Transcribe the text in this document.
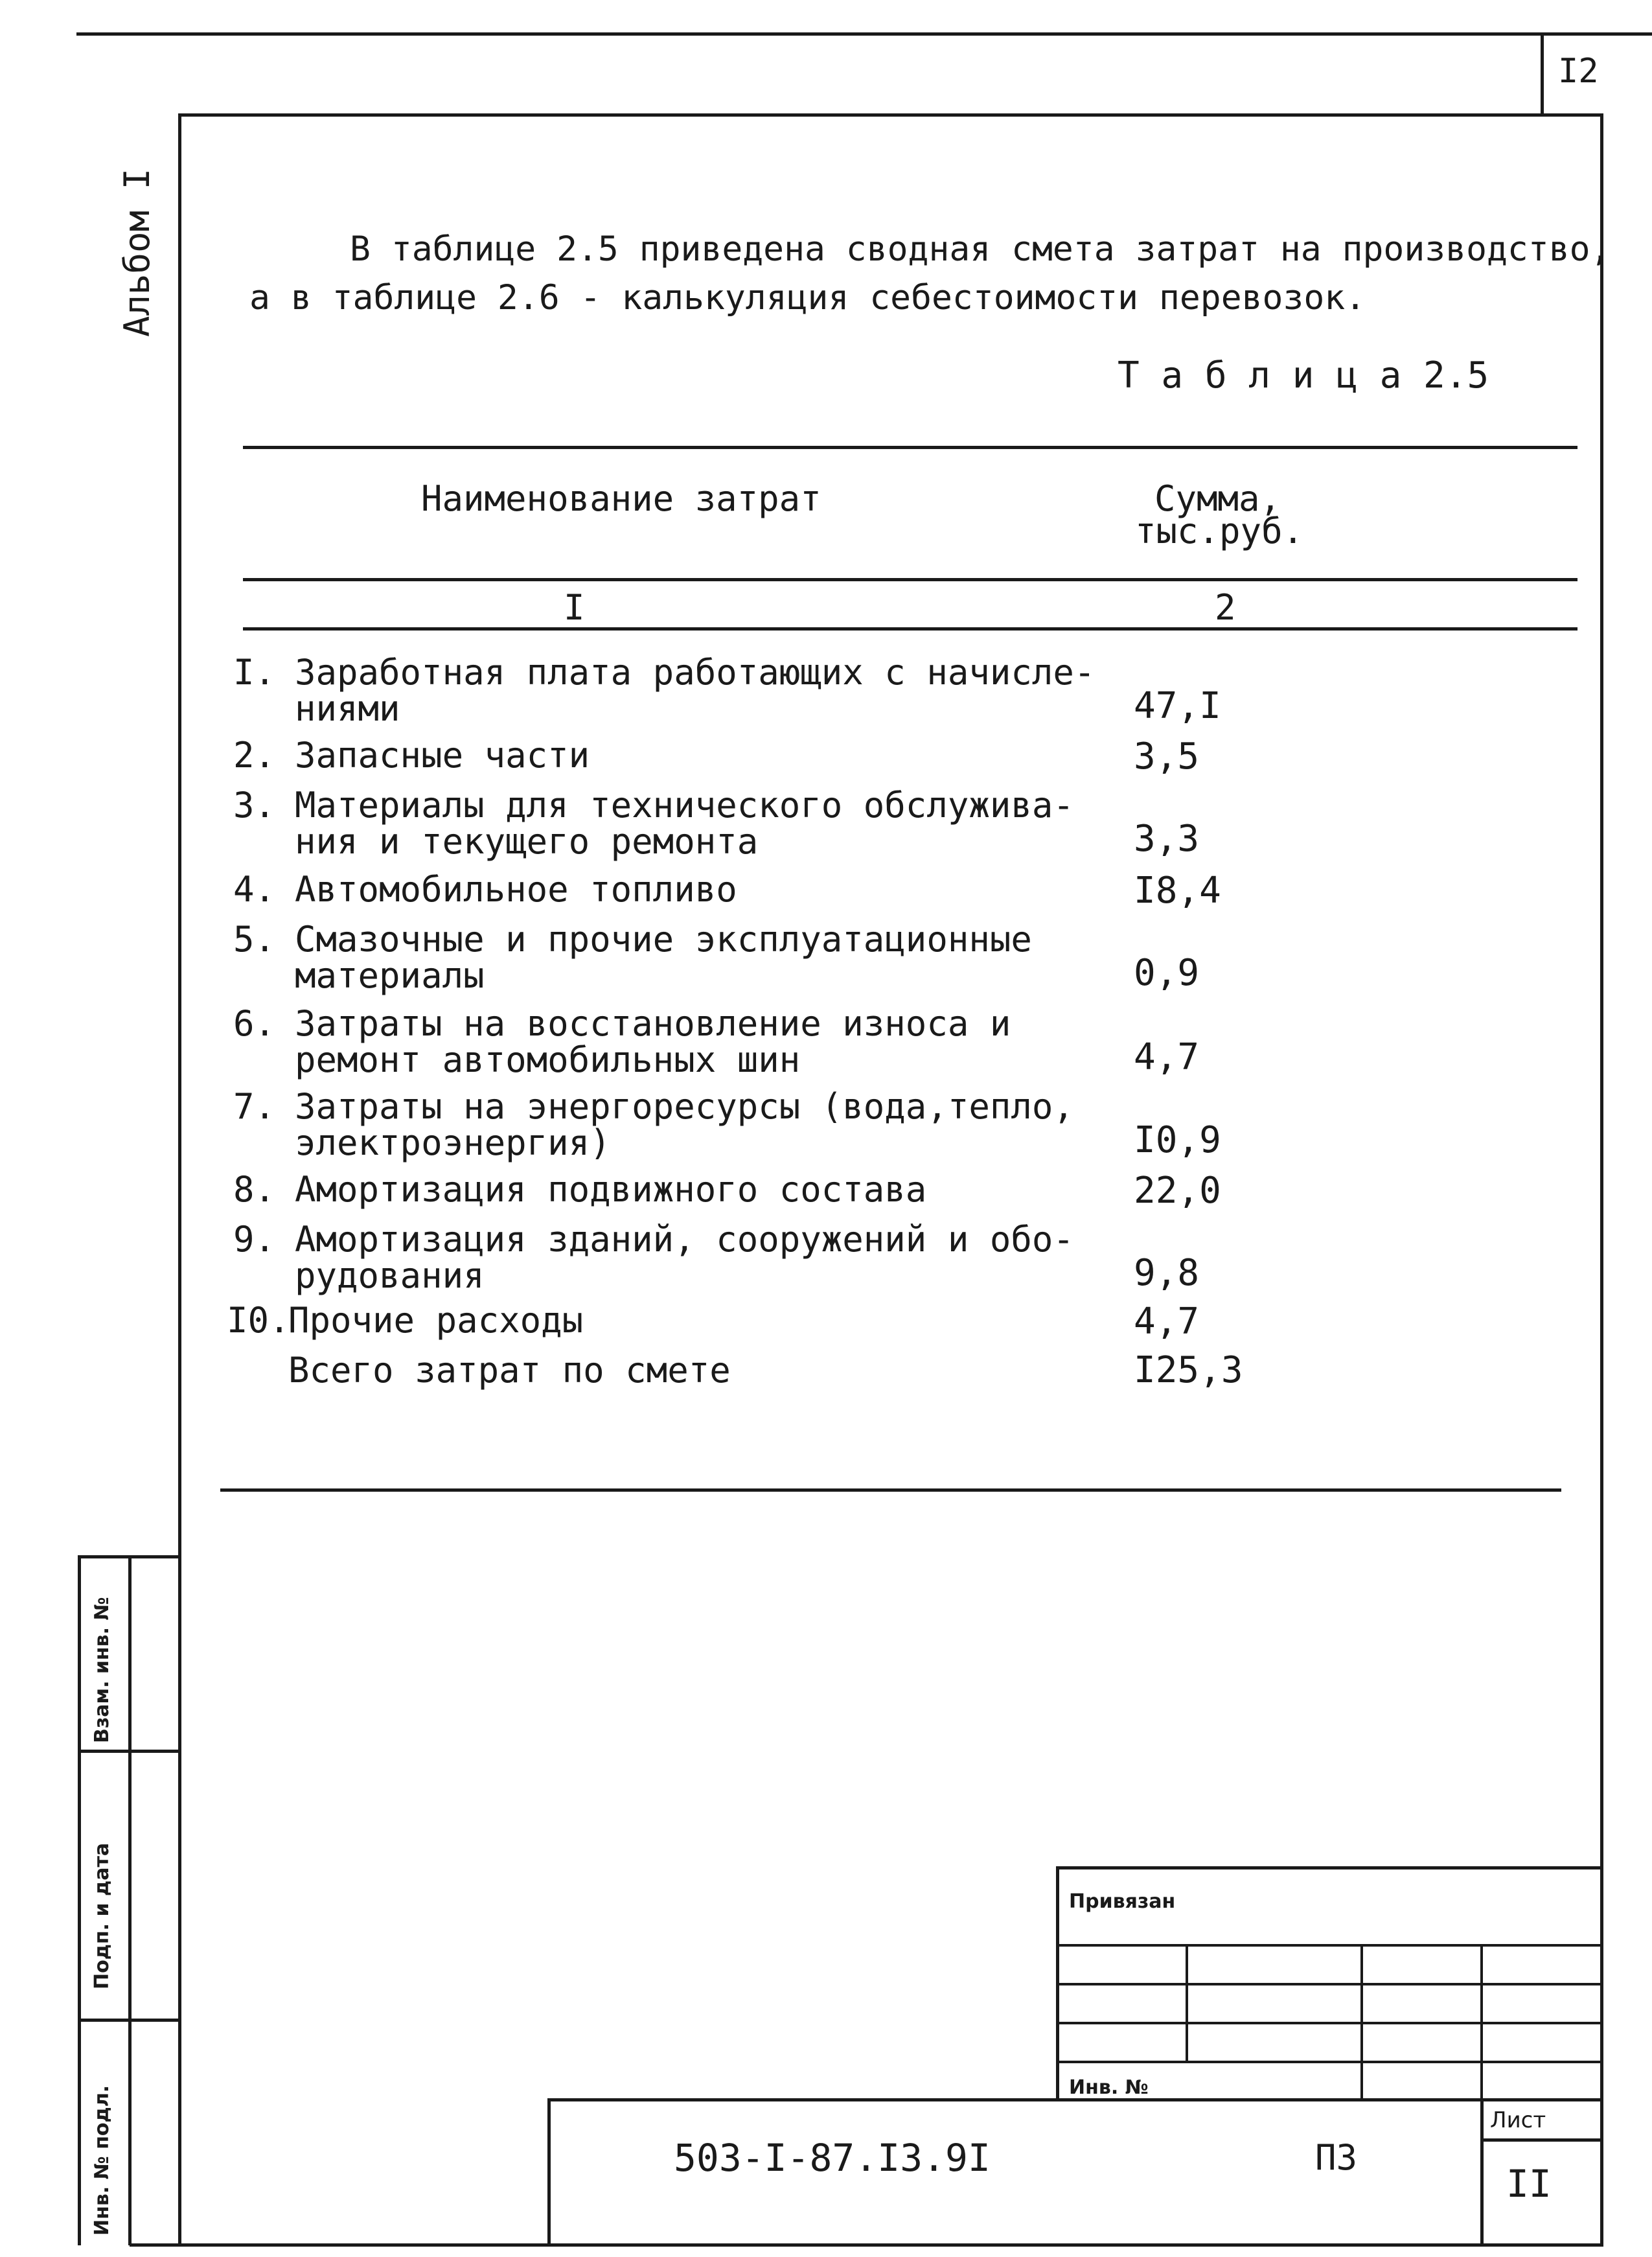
I2
Альбом I	В таблице 2.5 приведена сводная смета затрат на производство,
а в таблице 2.6 - калькуляция себестоимости перевозок.
Т а б л и ц а 2.5
Наименование затрат	Сумма,
тыс.руб.
I	2
I. Заработная плата работающих с начисле-
ниями	47,I
2. Запасные части	3,5
3. Материалы для технического обслужива-
ния и текущего ремонта	3,3
4. Автомобильное топливо	I8,4
5. Смазочные и прочие эксплуатационные
материалы	0,9
6. Затраты на восстановление износа и
ремонт автомобильных шин	4,7
7. Затраты на энергоресурсы (вода,тепло,
электроэнергия)	I0,9
8. Амортизация подвижного состава	22,0
9. Амортизация зданий, сооружений и обо-
рудования	9,8
I0.
Прочие расходы	4,7
Всего затрат по смете	I25,3
Взам. инв. №
Подп. и дата
Инв. № подл.
Привязан
Инв. №
503-I-87.I3.9I	ПЗ
Лист
II
